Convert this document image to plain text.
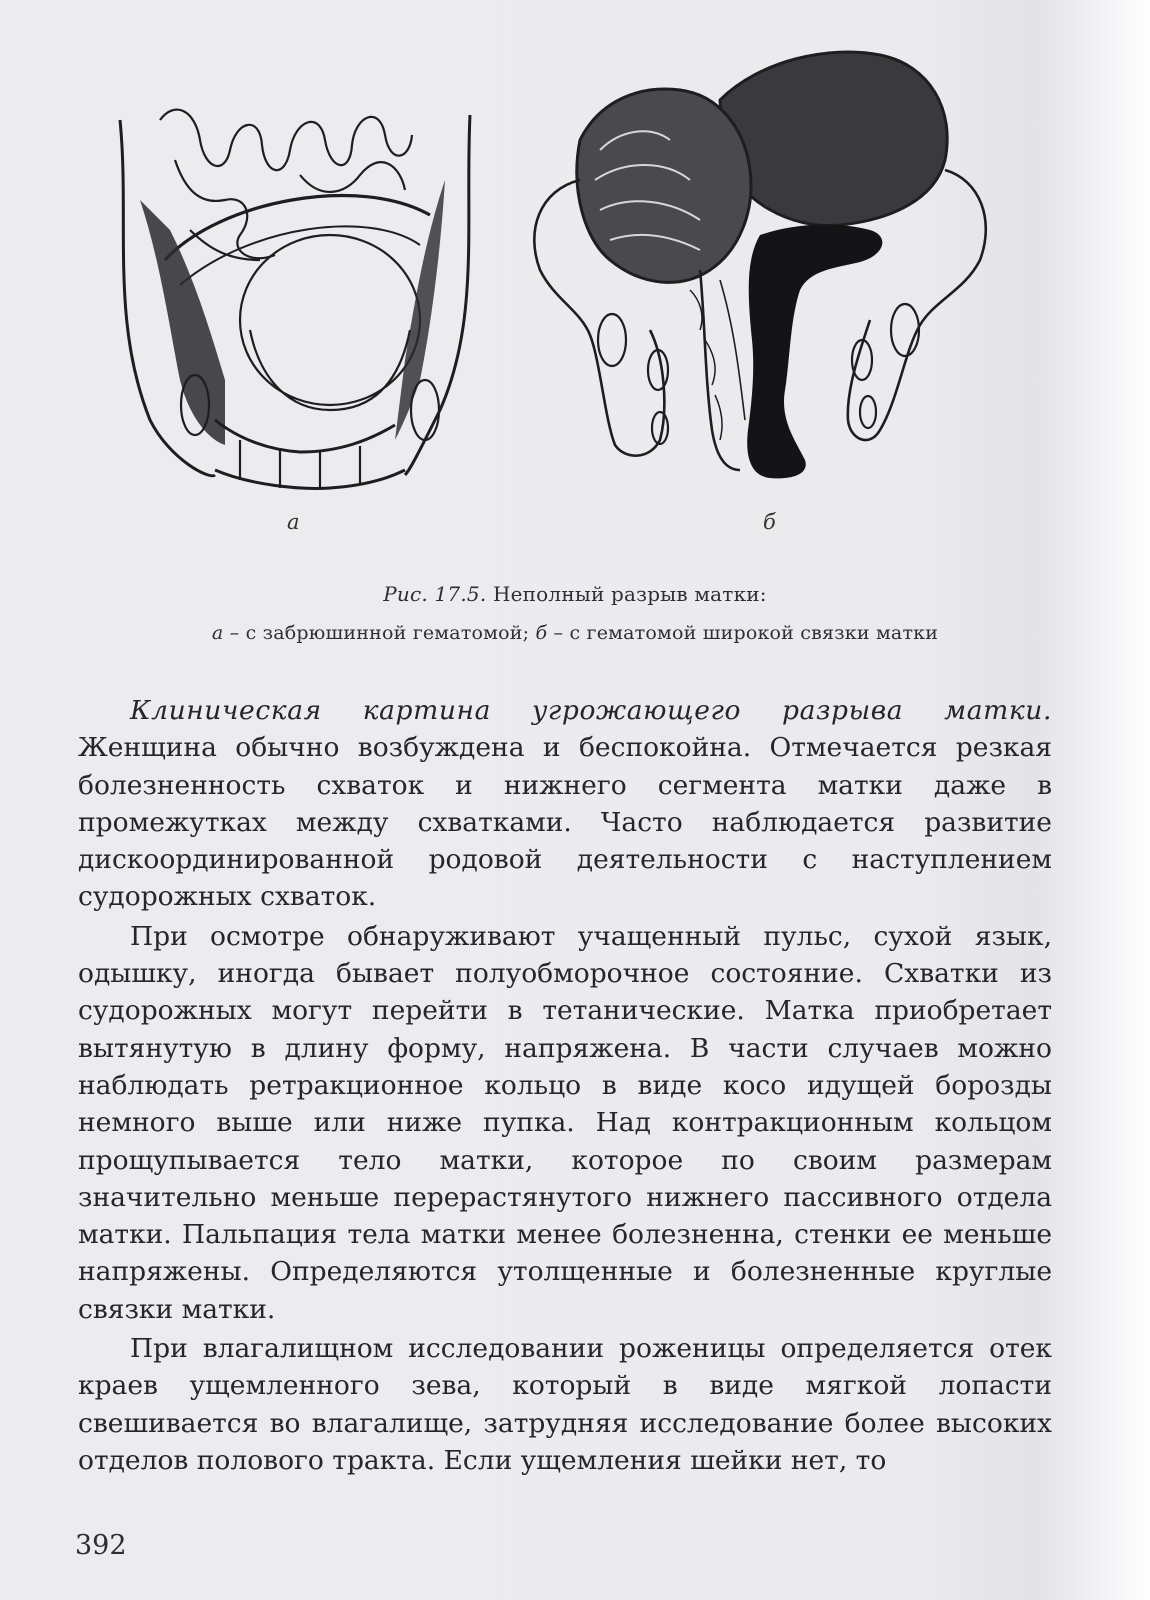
а	б
Рис. 17.5. Неполный разрыв матки:
а – с забрюшинной гематомой; б – с гематомой широкой связки матки

Клиническая картина угрожающего разрыва матки. Женщина обычно возбуждена и беспокойна. Отмечается резкая болезненность схваток и нижнего сегмента матки даже в промежутках между схватками. Часто наблюдается развитие дискоординированной родовой деятельности с наступлением судорожных схваток.

При осмотре обнаруживают учащенный пульс, сухой язык, одышку, иногда бывает полуобморочное состояние. Схватки из судорожных могут перейти в тетанические. Матка приобретает вытянутую в длину форму, напряжена. В части случаев можно наблюдать ретракционное кольцо в виде косо идущей борозды немного выше или ниже пупка. Над контракционным кольцом прощупывается тело матки, которое по своим размерам значительно меньше перерастянутого нижнего пассивного отдела матки. Пальпация тела матки менее болезненна, стенки ее меньше напряжены. Определяются утолщенные и болезненные круглые связки матки.

При влагалищном исследовании роженицы определяется отек краев ущемленного зева, который в виде мягкой лопасти свешивается во влагалище, затрудняя исследование более высоких отделов полового тракта. Если ущемления шейки нет, то

392
